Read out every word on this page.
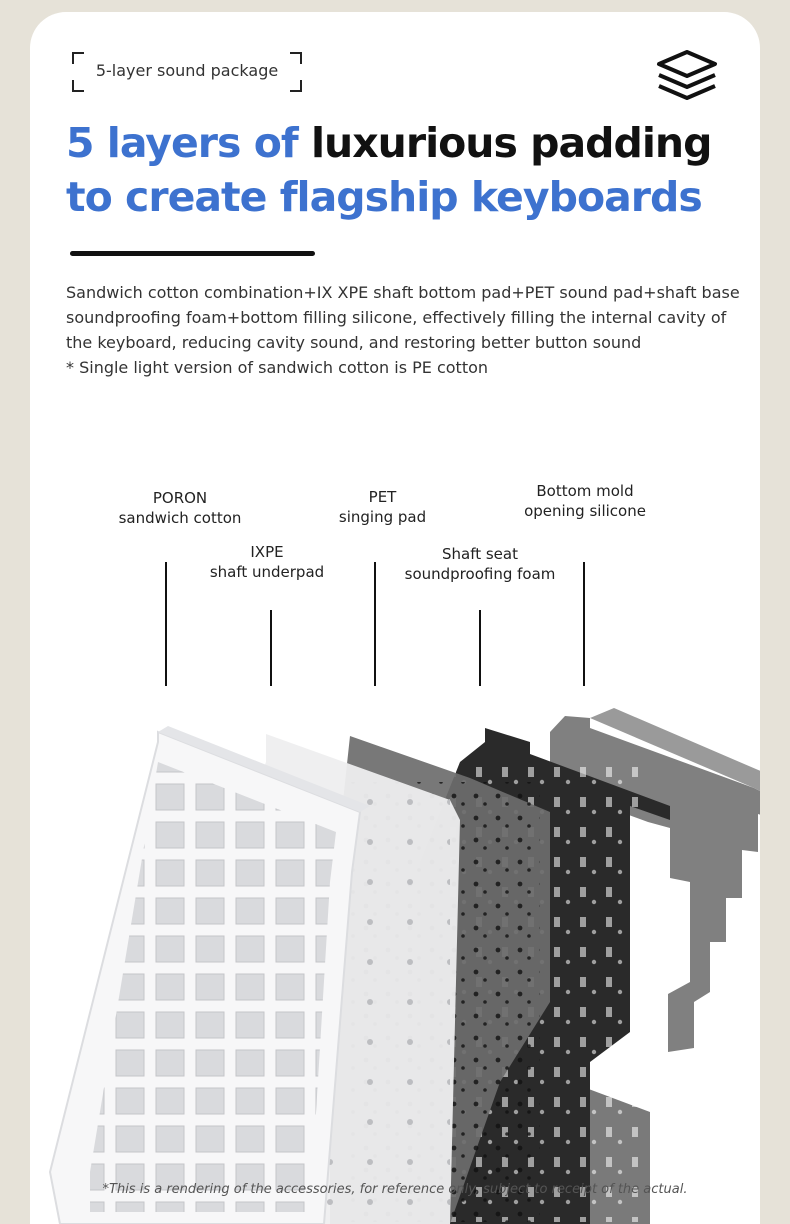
5-layer sound package
5 layers of luxurious padding
to create flagship keyboards

Sandwich cotton combination+IX XPE shaft bottom pad+PET sound pad+shaft base

soundproofing foam+bottom filling silicone, effectively filling the internal cavity of

the keyboard, reducing cavity sound, and restoring better button sound

* Single light version of sandwich cotton is PE cotton

PORON
sandwich cotton
IXPE
shaft underpad
PET
singing pad
Shaft seat
soundproofing foam
Bottom mold
opening silicone
*This is a rendering of the accessories, for reference only, subject to receipt of the actual.
